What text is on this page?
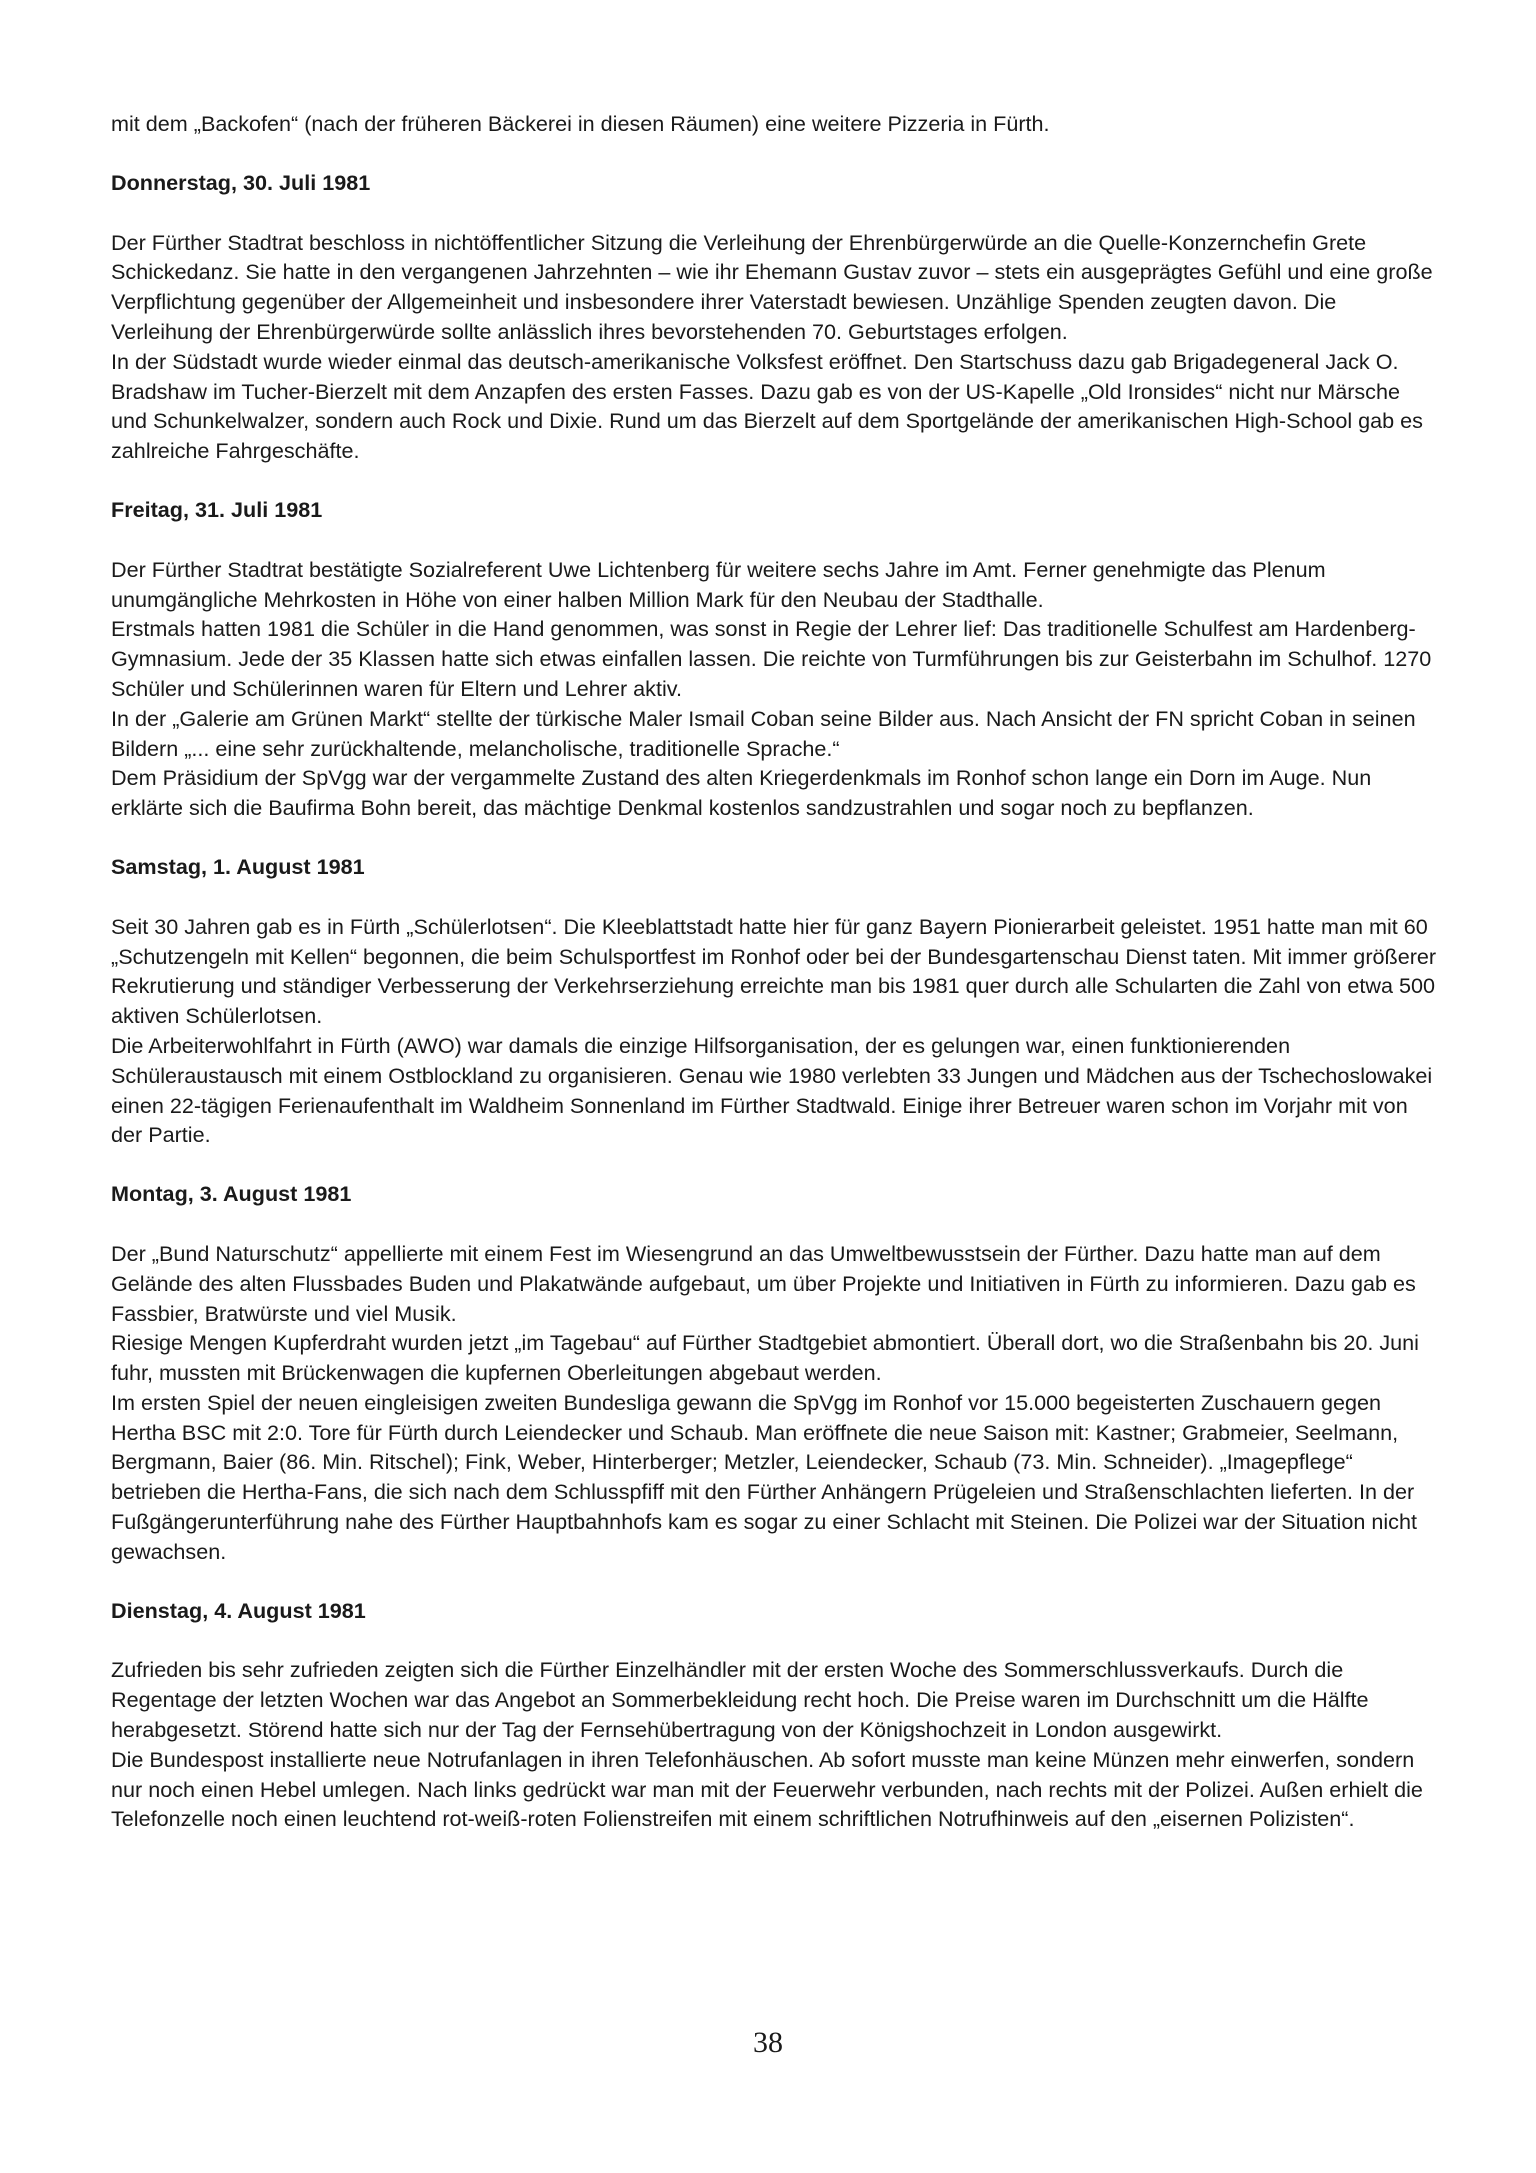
mit dem „Backofen“ (nach der früheren Bäckerei in diesen Räumen) eine weitere Pizzeria in Fürth.

Donnerstag, 30. Juli 1981

Der Fürther Stadtrat beschloss in nichtöffentlicher Sitzung die Verleihung der Ehrenbürgerwürde an die Quelle-Konzernchefin Grete Schickedanz. Sie hatte in den vergangenen Jahrzehnten – wie ihr Ehemann Gustav zuvor – stets ein ausgeprägtes Gefühl und eine große Verpflichtung gegenüber der Allgemeinheit und insbesondere ihrer Vaterstadt bewiesen. Unzählige Spenden zeugten davon. Die Verleihung der Ehrenbürgerwürde sollte anlässlich ihres bevorstehenden 70. Geburtstages erfolgen.

In der Südstadt wurde wieder einmal das deutsch-amerikanische Volksfest eröffnet. Den Startschuss dazu gab Brigadegeneral Jack O. Bradshaw im Tucher-Bierzelt mit dem Anzapfen des ersten Fasses. Dazu gab es von der US-Kapelle „Old Ironsides“ nicht nur Märsche und Schunkelwalzer, sondern auch Rock und Dixie. Rund um das Bierzelt auf dem Sportgelände der amerikanischen High-School gab es zahlreiche Fahrgeschäfte.

Freitag, 31. Juli 1981

Der Fürther Stadtrat bestätigte Sozialreferent Uwe Lichtenberg für weitere sechs Jahre im Amt. Ferner genehmigte das Plenum unumgängliche Mehrkosten in Höhe von einer halben Million Mark für den Neubau der Stadthalle.

Erstmals hatten 1981 die Schüler in die Hand genommen, was sonst in Regie der Lehrer lief: Das traditionelle Schulfest am Hardenberg-Gymnasium. Jede der 35 Klassen hatte sich etwas einfallen lassen. Die reichte von Turmführungen bis zur Geisterbahn im Schulhof. 1270 Schüler und Schülerinnen waren für Eltern und Lehrer aktiv.

In der „Galerie am Grünen Markt“ stellte der türkische Maler Ismail Coban seine Bilder aus. Nach Ansicht der FN spricht Coban in seinen Bildern „... eine sehr zurückhaltende, melancholische, traditionelle Sprache.“

Dem Präsidium der SpVgg war der vergammelte Zustand des alten Kriegerdenkmals im Ronhof schon lange ein Dorn im Auge. Nun erklärte sich die Baufirma Bohn bereit, das mächtige Denkmal kostenlos sandzustrahlen und sogar noch zu bepflanzen.

Samstag, 1. August 1981

Seit 30 Jahren gab es in Fürth „Schülerlotsen“. Die Kleeblattstadt hatte hier für ganz Bayern Pionierarbeit geleistet. 1951 hatte man mit 60 „Schutzengeln mit Kellen“ begonnen, die beim Schulsportfest im Ronhof oder bei der Bundesgartenschau Dienst taten. Mit immer größerer Rekrutierung und ständiger Verbesserung der Verkehrserziehung erreichte man bis 1981 quer durch alle Schularten die Zahl von etwa 500 aktiven Schülerlotsen.

Die Arbeiterwohlfahrt in Fürth (AWO) war damals die einzige Hilfsorganisation, der es gelungen war, einen funktionierenden Schüleraustausch mit einem Ostblockland zu organisieren. Genau wie 1980 verlebten 33 Jungen und Mädchen aus der Tschechoslowakei einen 22-tägigen Ferienaufenthalt im Waldheim Sonnenland im Fürther Stadtwald. Einige ihrer Betreuer waren schon im Vorjahr mit von der Partie.

Montag, 3. August 1981

Der „Bund Naturschutz“ appellierte mit einem Fest im Wiesengrund an das Umweltbewusstsein der Fürther. Dazu hatte man auf dem Gelände des alten Flussbades Buden und Plakatwände aufgebaut, um über Projekte und Initiativen in Fürth zu informieren. Dazu gab es Fassbier, Bratwürste und viel Musik.

Riesige Mengen Kupferdraht wurden jetzt „im Tagebau“ auf Fürther Stadtgebiet abmontiert. Überall dort, wo die Straßenbahn bis 20. Juni fuhr, mussten mit Brückenwagen die kupfernen Oberleitungen abgebaut werden.

Im ersten Spiel der neuen eingleisigen zweiten Bundesliga gewann die SpVgg im Ronhof vor 15.000 begeisterten Zuschauern gegen Hertha BSC mit 2:0. Tore für Fürth durch Leiendecker und Schaub. Man eröffnete die neue Saison mit: Kastner; Grabmeier, Seelmann, Bergmann, Baier (86. Min. Ritschel); Fink, Weber, Hinterberger; Metzler, Leiendecker, Schaub (73. Min. Schneider). „Imagepflege“ betrieben die Hertha-Fans, die sich nach dem Schlusspfiff mit den Fürther Anhängern Prügeleien und Straßenschlachten lieferten. In der Fußgängerunterführung nahe des Fürther Hauptbahnhofs kam es sogar zu einer Schlacht mit Steinen. Die Polizei war der Situation nicht gewachsen.

Dienstag, 4. August 1981

Zufrieden bis sehr zufrieden zeigten sich die Fürther Einzelhändler mit der ersten Woche des Sommerschlussverkaufs. Durch die Regentage der letzten Wochen war das Angebot an Sommerbekleidung recht hoch. Die Preise waren im Durchschnitt um die Hälfte herabgesetzt. Störend hatte sich nur der Tag der Fernsehübertragung von der Königshochzeit in London ausgewirkt.

Die Bundespost installierte neue Notrufanlagen in ihren Telefonhäuschen. Ab sofort musste man keine Münzen mehr einwerfen, sondern nur noch einen Hebel umlegen. Nach links gedrückt war man mit der Feuerwehr verbunden, nach rechts mit der Polizei. Außen erhielt die Telefonzelle noch einen leuchtend rot-weiß-roten Folienstreifen mit einem schriftlichen Notrufhinweis auf den „eisernen Polizisten“.

38
